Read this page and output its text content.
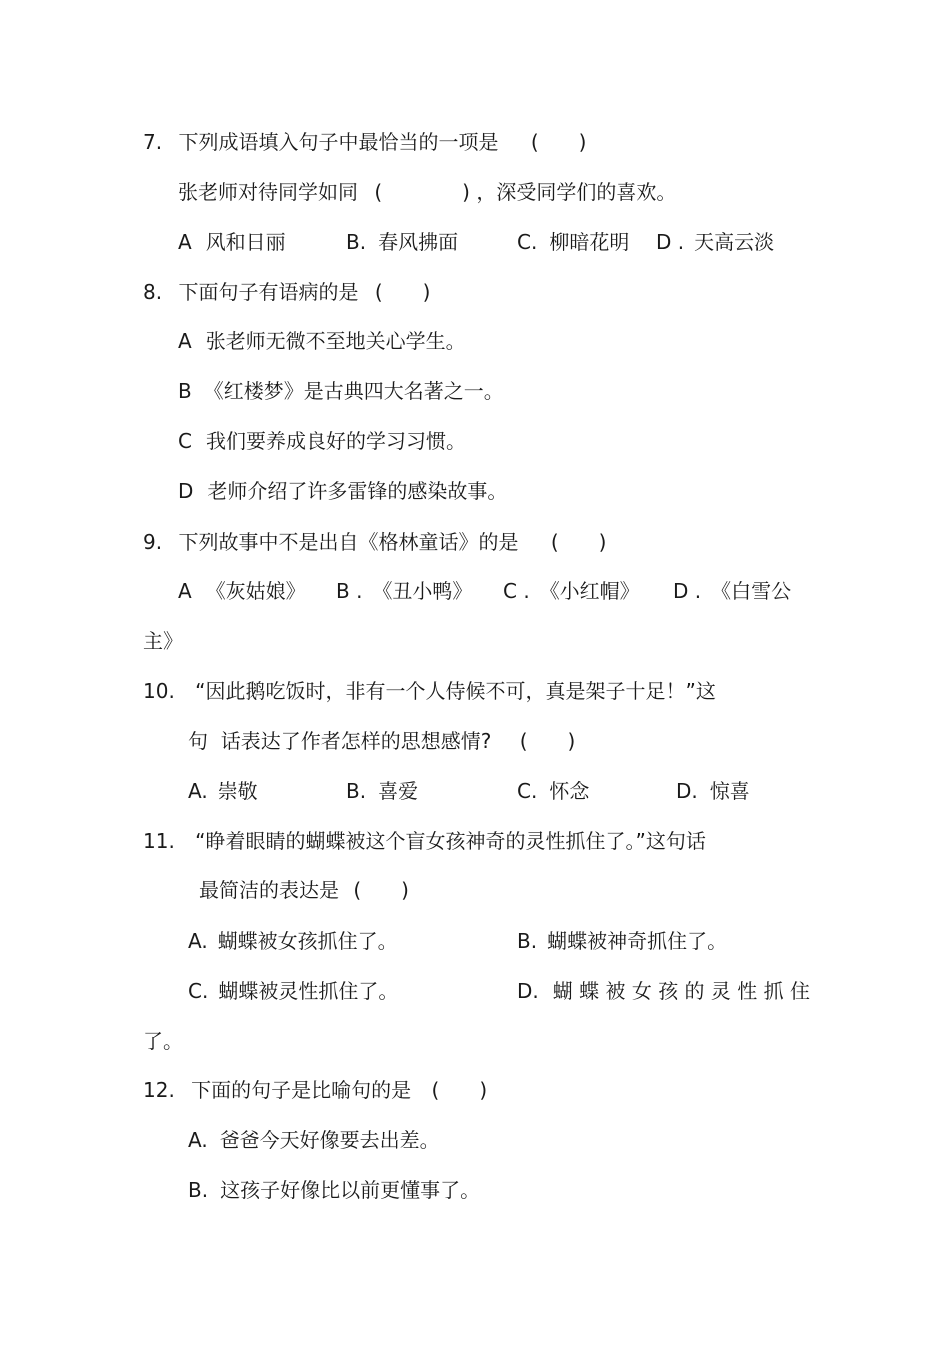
7. 下列成语填入句子中最恰当的一项是 (　　)
张老师对待同学如同 (　　　　) ，深受同学们的喜欢。
A 风和日丽	B. 春风拂面	C. 柳暗花明 D . 天高云淡
8. 下面句子有语病的是 (　　)
A 张老师无微不至地关心学生。
B 《红楼梦》是古典四大名著之一。
C 我们要养成良好的学习习惯。
D 老师介绍了许多雷锋的感染故事。
9. 下列故事中不是出自《格林童话》的是 (　　)
A 《灰姑娘》 B . 《丑小鸭》 C . 《小红帽》 D . 《白雪公
主》
10. “因此鹅吃饭时，非有一个人侍候不可，真是架子十足！”这
句  话表达了作者怎样的思想感情? (　　)
A. 崇敬	B. 喜爱	C. 怀念	D. 惊喜
11. “睁着眼睛的蝴蝶被这个盲女孩神奇的灵性抓住了。”这句话
最简洁的表达是 (　　)
A. 蝴蝶被女孩抓住了。	B. 蝴蝶被神奇抓住了。
C. 蝴蝶被灵性抓住了。	D. 蝴 蝶 被 女 孩 的 灵 性 抓 住
了。
12. 下面的句子是比喻句的是 (　　)
A. 爸爸今天好像要去出差。
B. 这孩子好像比以前更懂事了。
